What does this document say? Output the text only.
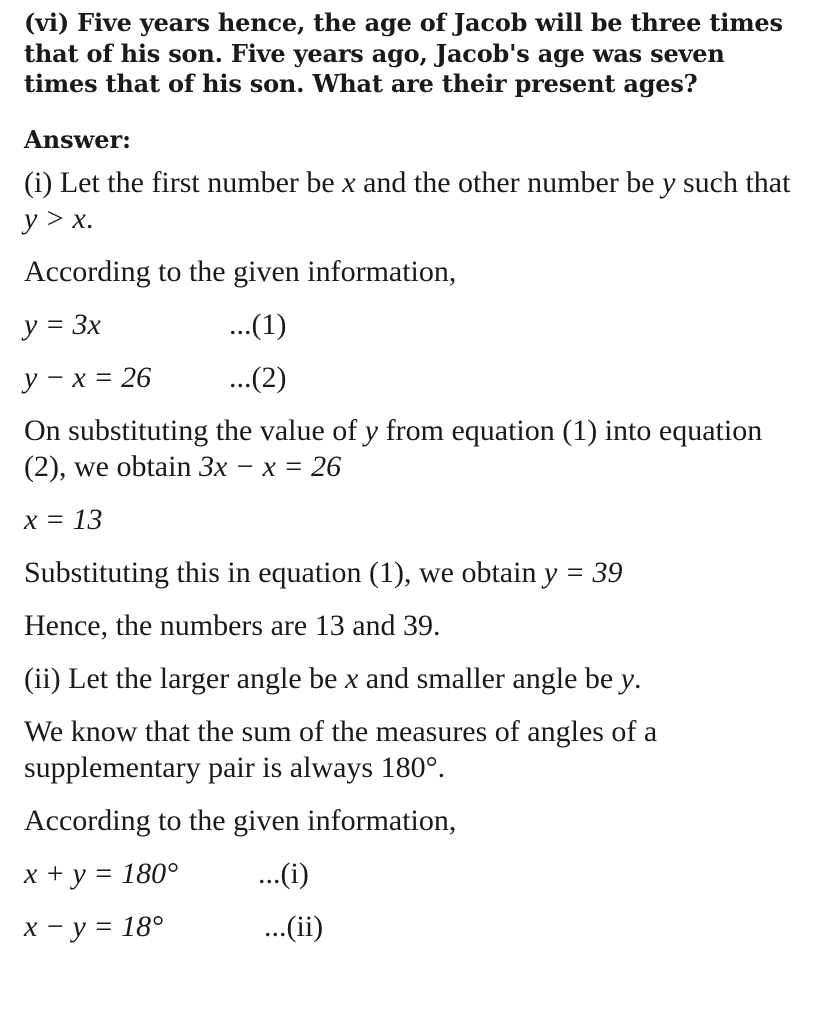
(vi) Five years hence, the age of Jacob will be three times that of his son. Five years ago, Jacob's age was seven times that of his son. What are their present ages?

Answer:

(i) Let the first number be x and the other number be y such that y > x.

According to the given information,

y = 3x	...(1)
y − x = 26	...(2)

On substituting the value of y from equation (1) into equation (2), we obtain 3x − x = 26

x = 13

Substituting this in equation (1), we obtain y = 39

Hence, the numbers are 13 and 39.

(ii) Let the larger angle be x and smaller angle be y.

We know that the sum of the measures of angles of a supplementary pair is always 180°.

According to the given information,

x + y = 180°	...(i)
x − y = 18°	...(ii)
